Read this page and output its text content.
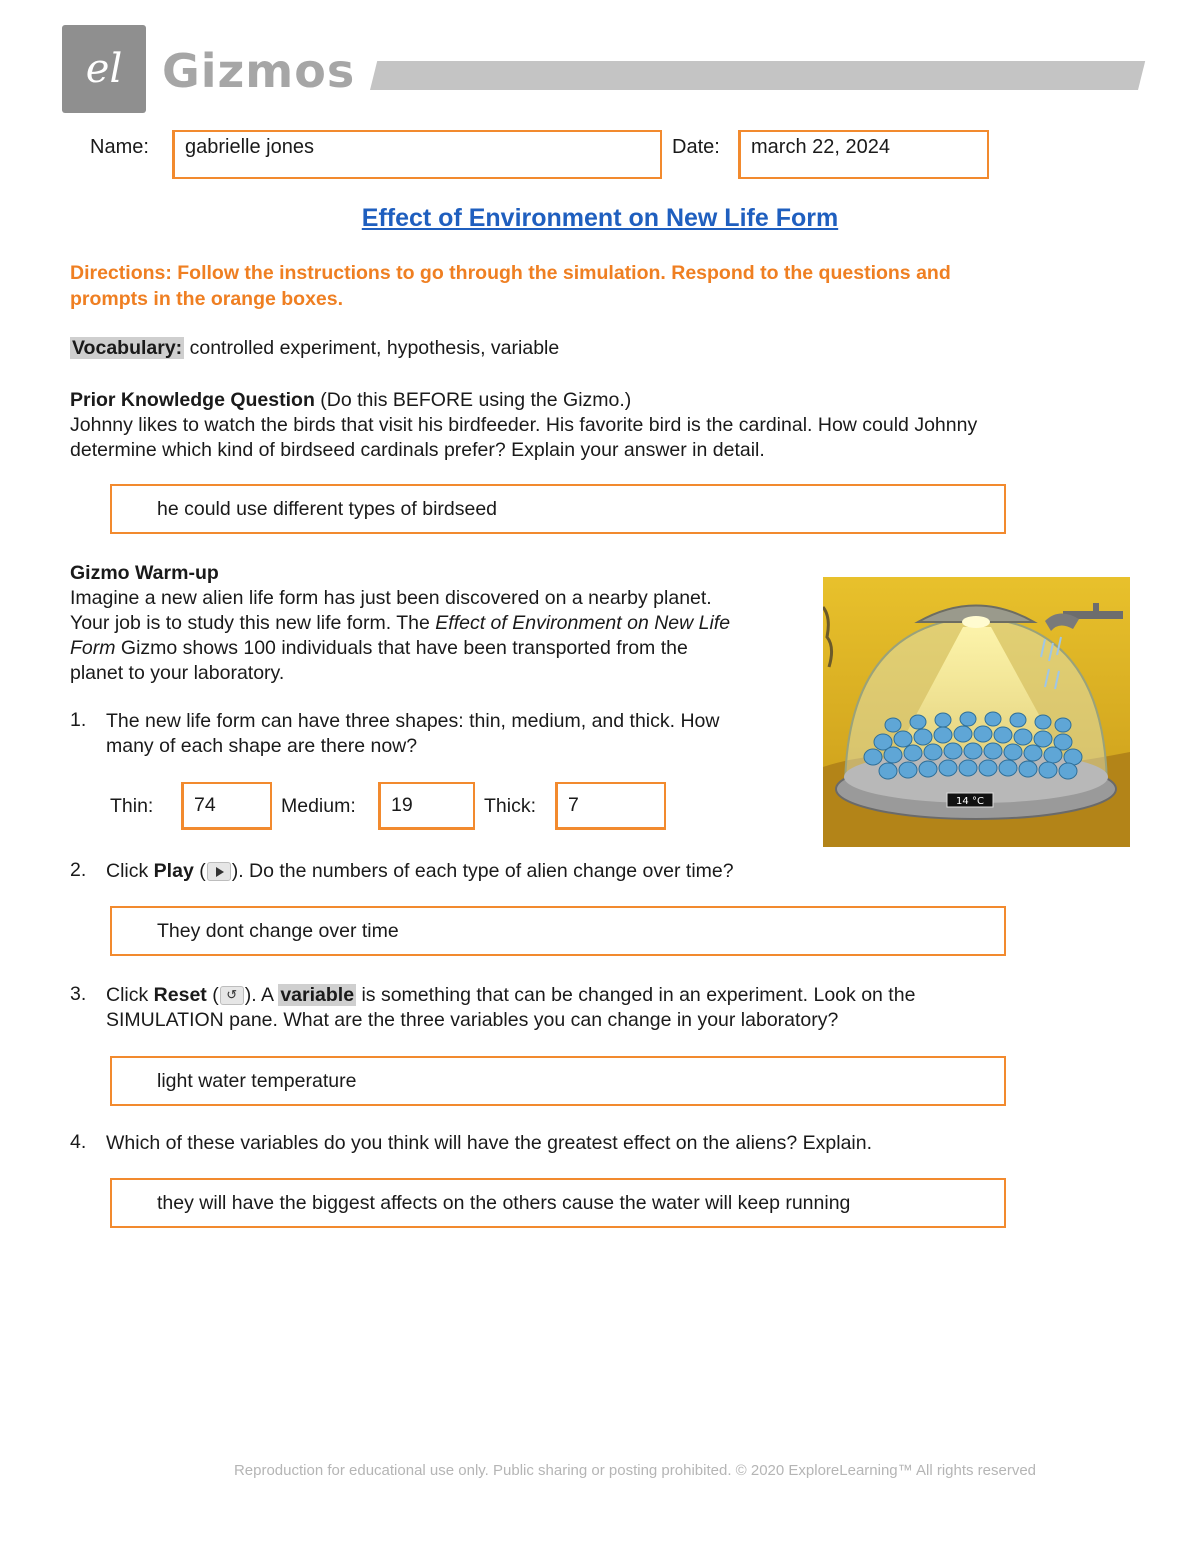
el Gizmos
Name:	gabrielle jones	Date:	march 22, 2024
Effect of Environment on New Life Form
Directions: Follow the instructions to go through the simulation. Respond to the questions and
prompts in the orange boxes.
Vocabulary: controlled experiment, hypothesis, variable
Prior Knowledge Question (Do this BEFORE using the Gizmo.)
Johnny likes to watch the birds that visit his birdfeeder. His favorite bird is the cardinal. How could Johnny
determine which kind of birdseed cardinals prefer? Explain your answer in detail.
he could use different types of birdseed
Gizmo Warm-up
Imagine a new alien life form has just been discovered on a nearby planet.
Your job is to study this new life form. The Effect of Environment on New Life
Form Gizmo shows 100 individuals that have been transported from the
planet to your laboratory.
14 °C
1. The new life form can have three shapes: thin, medium, and thick. How
many of each shape are there now?
Thin:	74	Medium:	19	Thick:	7
2. Click Play ( ). Do the numbers of each type of alien change over time?
They dont change over time
3. Click Reset ( ↺ ). A variable is something that can be changed in an experiment. Look on the
SIMULATION pane. What are the three variables you can change in your laboratory?
light water temperature
4. Which of these variables do you think will have the greatest effect on the aliens? Explain.
they will have the biggest affects on the others cause the water will keep running
Reproduction for educational use only. Public sharing or posting prohibited. © 2020 ExploreLearning™ All rights reserved
